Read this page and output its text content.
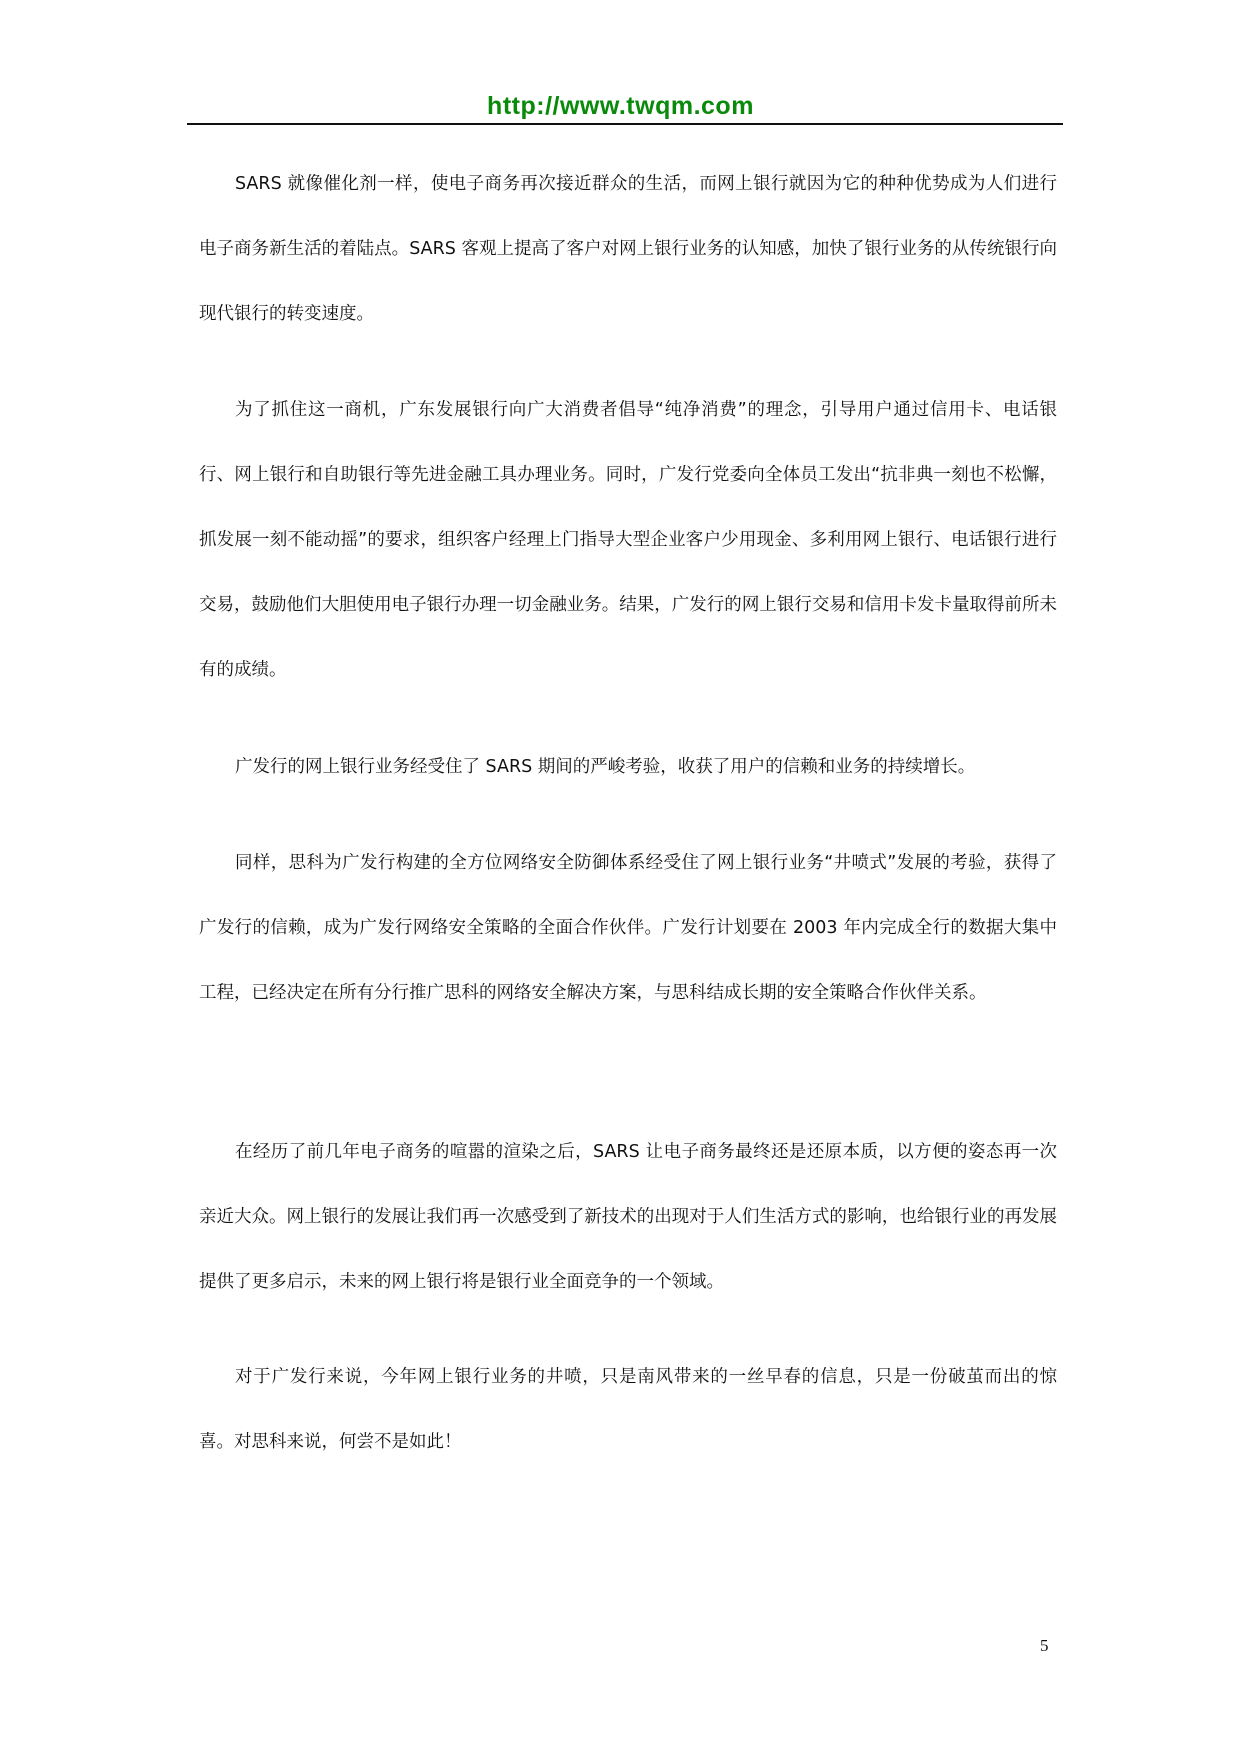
http://www.twqm.com

SARS 就像催化剂一样，使电子商务再次接近群众的生活，而网上银行就因为它的种种优势成为人们进行电子商务新生活的着陆点。SARS 客观上提高了客户对网上银行业务的认知感，加快了银行业务的从传统银行向现代银行的转变速度。

为了抓住这一商机，广东发展银行向广大消费者倡导“纯净消费”的理念，引导用户通过信用卡、电话银行、网上银行和自助银行等先进金融工具办理业务。同时，广发行党委向全体员工发出“抗非典一刻也不松懈，抓发展一刻不能动摇”的要求，组织客户经理上门指导大型企业客户少用现金、多利用网上银行、电话银行进行交易，鼓励他们大胆使用电子银行办理一切金融业务。结果，广发行的网上银行交易和信用卡发卡量取得前所未有的成绩。

广发行的网上银行业务经受住了 SARS 期间的严峻考验，收获了用户的信赖和业务的持续增长。

同样，思科为广发行构建的全方位网络安全防御体系经受住了网上银行业务“井喷式”发展的考验，获得了广发行的信赖，成为广发行网络安全策略的全面合作伙伴。广发行计划要在 2003 年内完成全行的数据大集中工程，已经决定在所有分行推广思科的网络安全解决方案，与思科结成长期的安全策略合作伙伴关系。

在经历了前几年电子商务的喧嚣的渲染之后，SARS 让电子商务最终还是还原本质，以方便的姿态再一次亲近大众。网上银行的发展让我们再一次感受到了新技术的出现对于人们生活方式的影响，也给银行业的再发展提供了更多启示，未来的网上银行将是银行业全面竞争的一个领域。

对于广发行来说，今年网上银行业务的井喷，只是南风带来的一丝早春的信息，只是一份破茧而出的惊喜。对思科来说，何尝不是如此！

5
